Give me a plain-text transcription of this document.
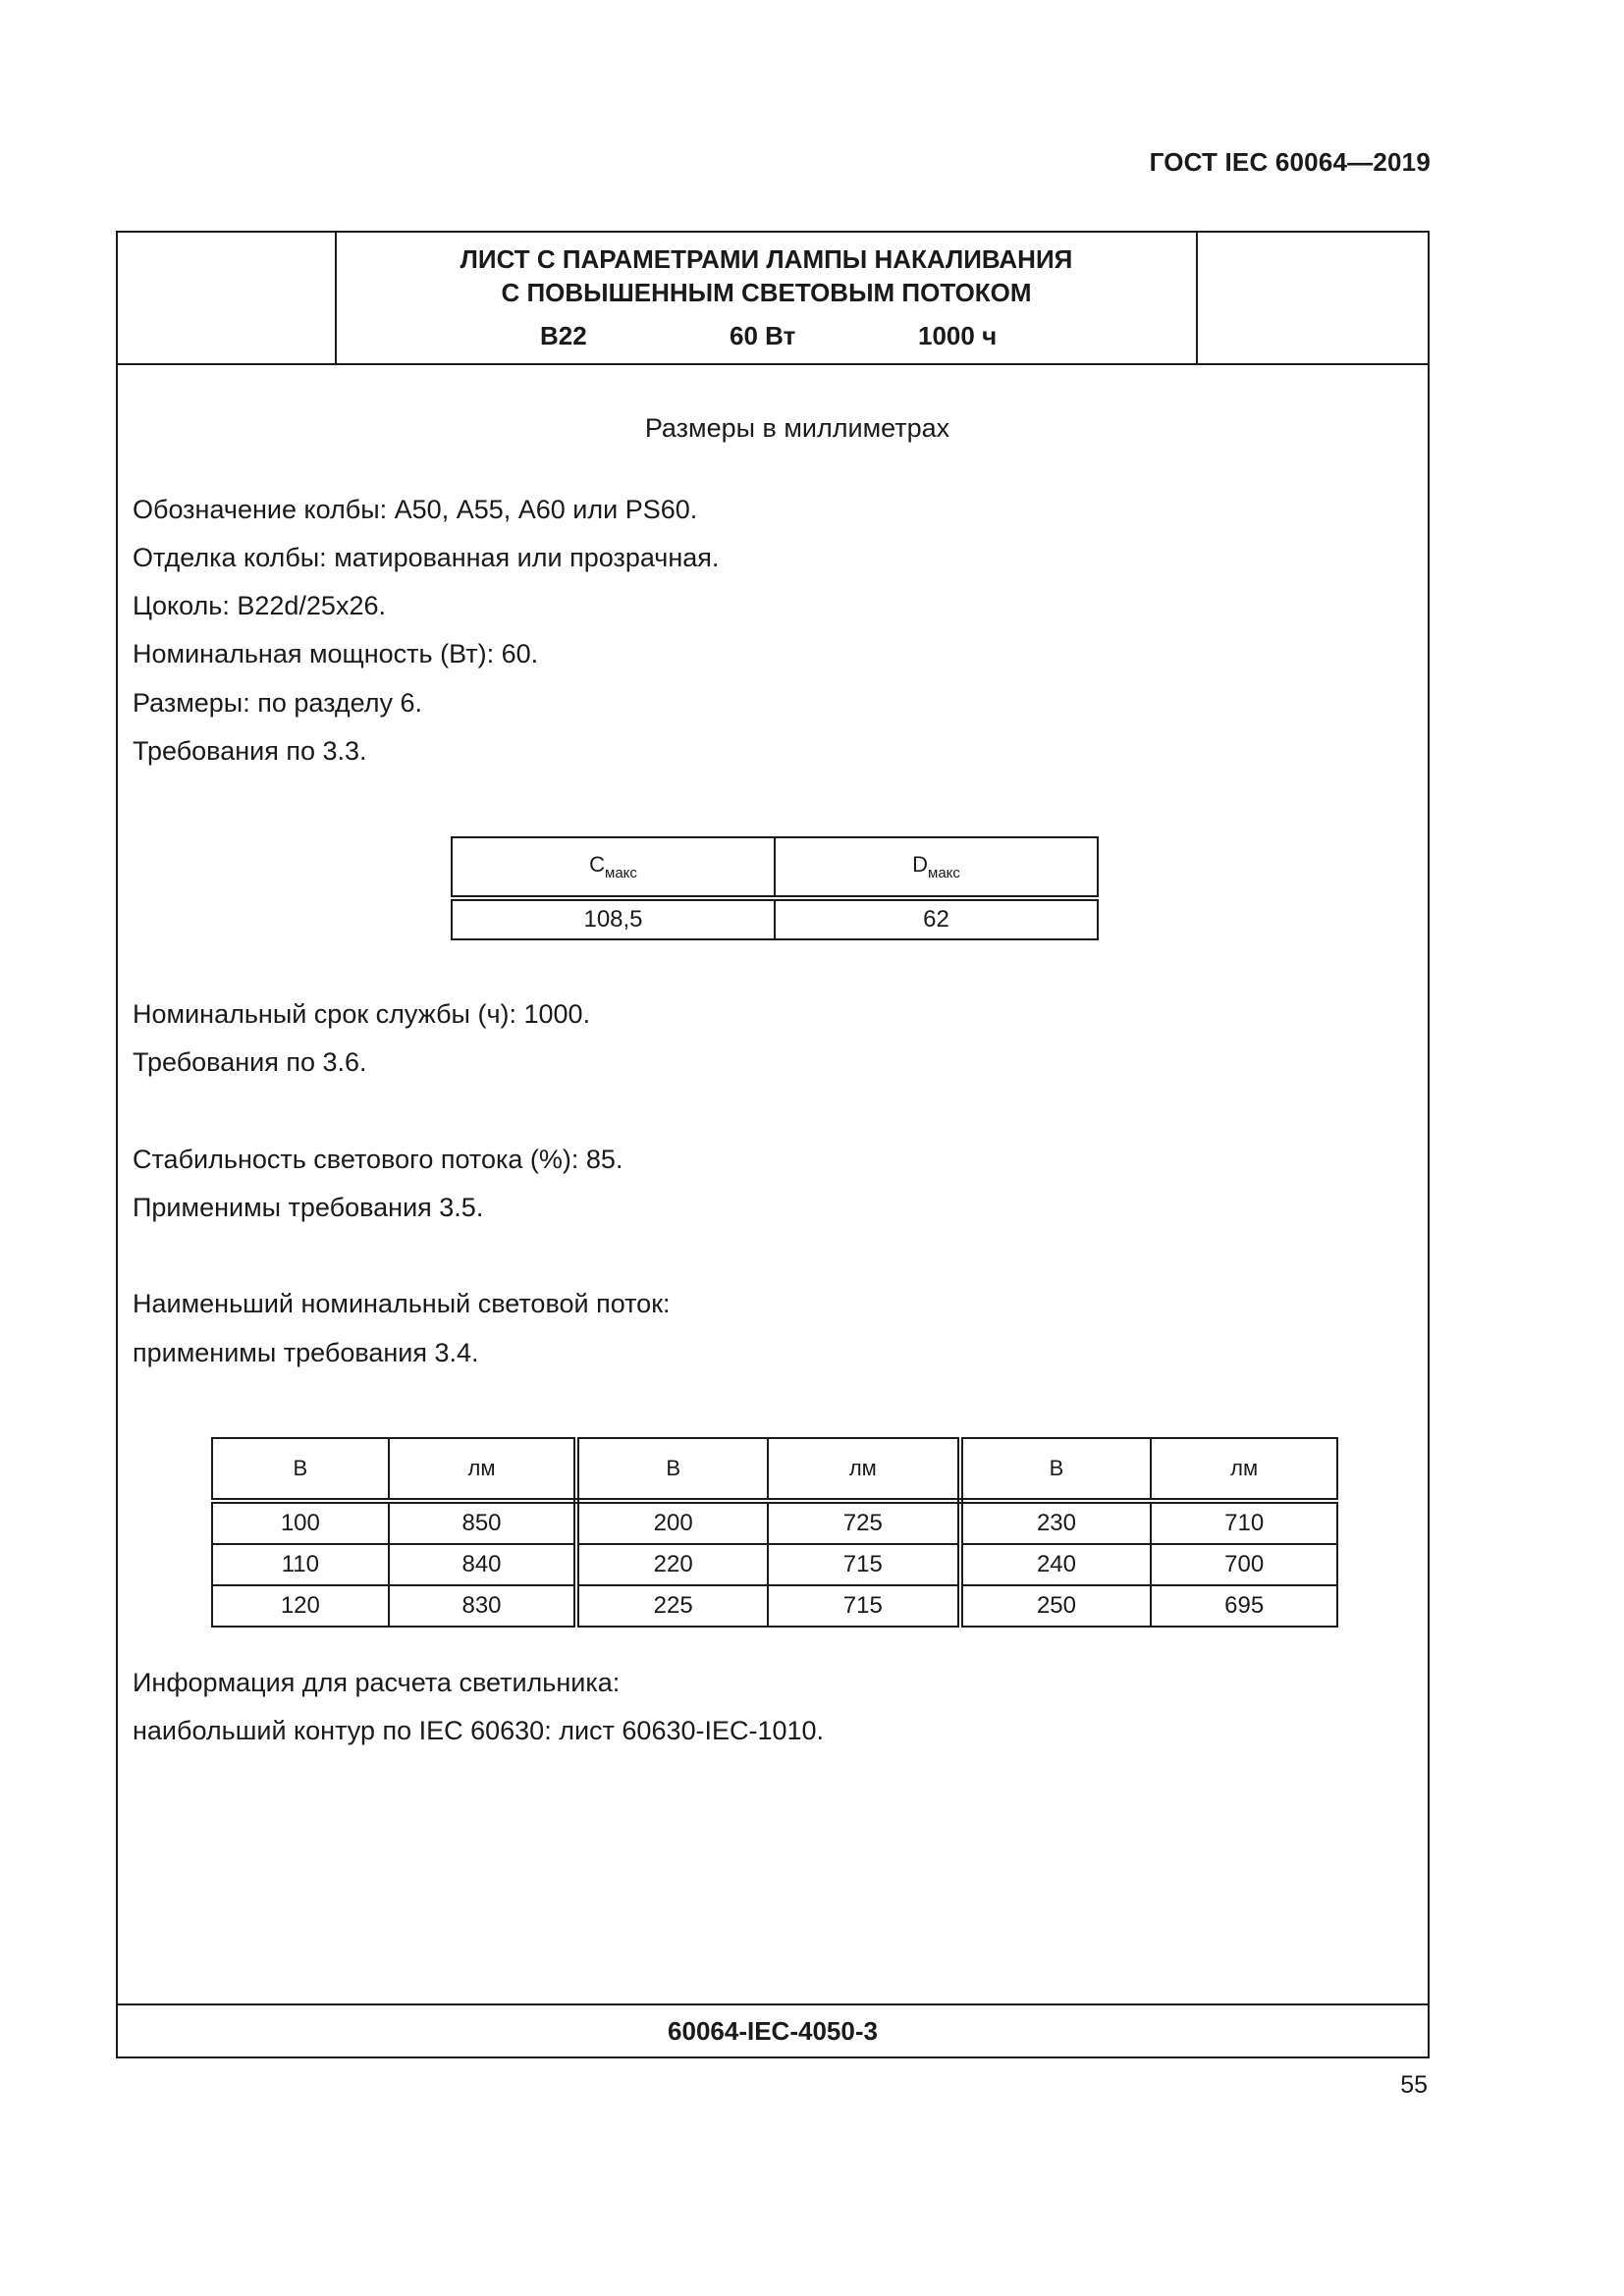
ГОСТ IEC 60064—2019
ЛИСТ С ПАРАМЕТРАМИ ЛАМПЫ НАКАЛИВАНИЯ
С ПОВЫШЕННЫМ СВЕТОВЫМ ПОТОКОМ
B22	60 Вт	1000 ч
Размеры в миллиметрах
Обозначение колбы: А50, А55, А60 или PS60.
Отделка колбы: матированная или прозрачная.
Цоколь: B22d/25x26.
Номинальная мощность (Вт): 60.
Размеры: по разделу 6.
Требования по 3.3.
$C_{макс}$	$D_{макс}$
108,5	62
Номинальный срок службы (ч): 1000.
Требования по 3.6.
Стабильность светового потока (%): 85.
Применимы требования 3.5.
Наименьший номинальный световой поток:
применимы требования 3.4.
В	лм	В	лм	В	лм
100	850	200	725	230	710
110	840	220	715	240	700
120	830	225	715	250	695
Информация для расчета светильника:
наибольший контур по IEC 60630: лист 60630-IEC-1010.
60064-IEC-4050-3
55
